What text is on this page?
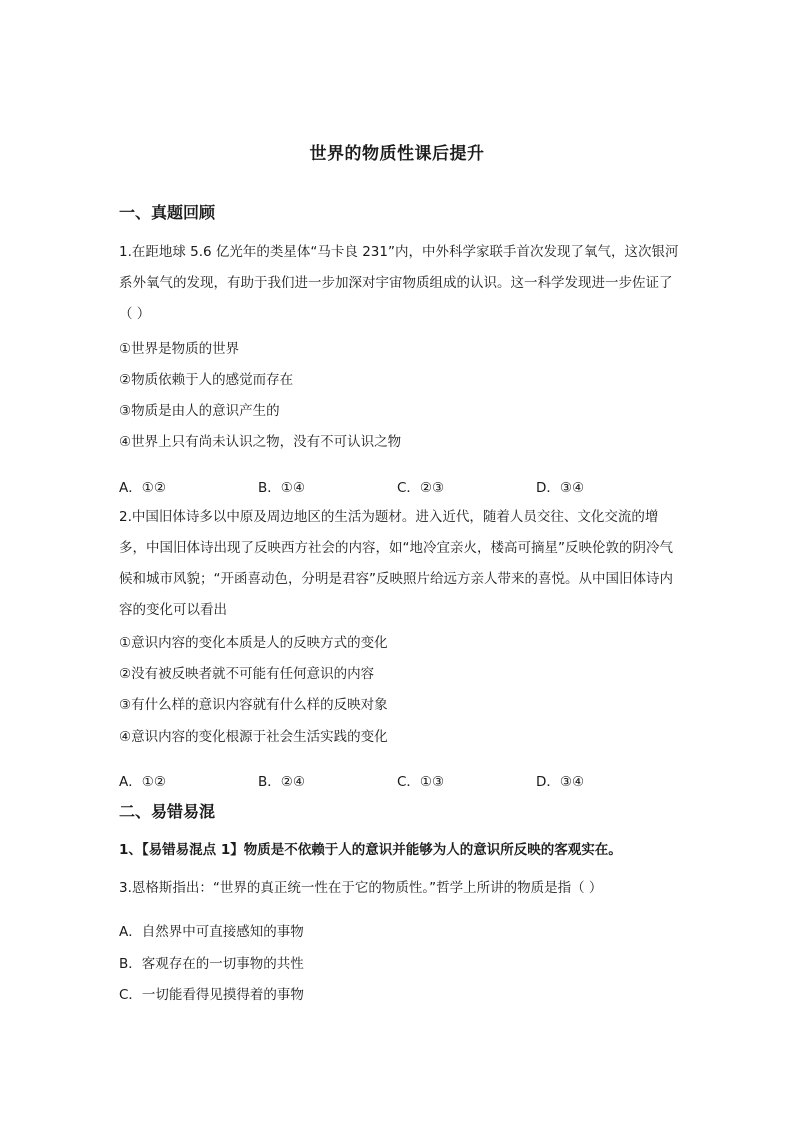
世界的物质性课后提升
一、真题回顾
1.在距地球 5.6 亿光年的类星体“马卡良 231”内，中外科学家联手首次发现了氧气，这次银河系外氧气的发现，有助于我们进一步加深对宇宙物质组成的认识。这一科学发现进一步佐证了（ ）
①世界是物质的世界
②物质依赖于人的感觉而存在
③物质是由人的意识产生的
④世界上只有尚未认识之物，没有不可认识之物
A．①②	B．①④	C．②③	D．③④
2.中国旧体诗多以中原及周边地区的生活为题材。进入近代，随着人员交往、文化交流的增多，中国旧体诗出现了反映西方社会的内容，如“地冷宜亲火，楼高可摘星”反映伦敦的阴冷气候和城市风貌；“开函喜动色，分明是君容”反映照片给远方亲人带来的喜悦。从中国旧体诗内容的变化可以看出
①意识内容的变化本质是人的反映方式的变化
②没有被反映者就不可能有任何意识的内容
③有什么样的意识内容就有什么样的反映对象
④意识内容的变化根源于社会生活实践的变化
A．①②	B．②④	C．①③	D．③④
二、易错易混
1、【易错易混点 1】物质是不依赖于人的意识并能够为人的意识所反映的客观实在。
3.恩格斯指出：“世界的真正统一性在于它的物质性。”哲学上所讲的物质是指（ ）
A．自然界中可直接感知的事物
B．客观存在的一切事物的共性
C．一切能看得见摸得着的事物
